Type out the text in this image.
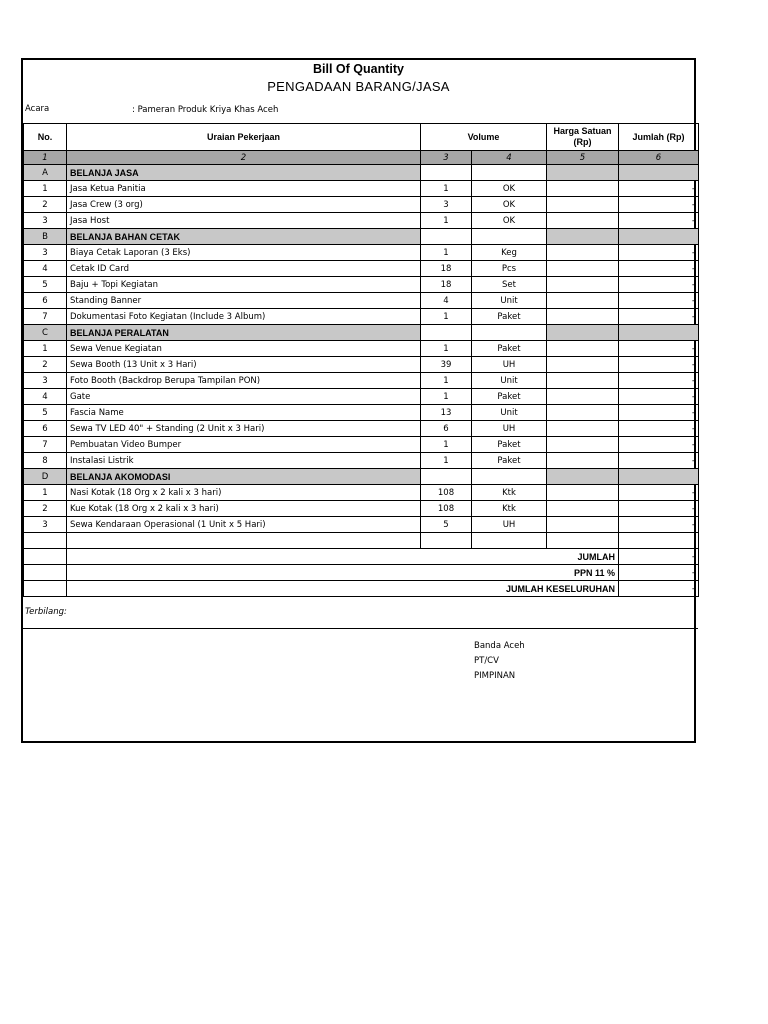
Bill Of Quantity
PENGADAAN BARANG/JASA
Acara	: Pameran Produk Kriya Khas Aceh
No.	Uraian Pekerjaan	Volume		Harga Satuan (Rp)	Jumlah (Rp)
1	2	3	4	5	6
A	BELANJA JASA				
1	Jasa Ketua Panitia	1	OK		-
2	Jasa Crew (3 org)	3	OK		-
3	Jasa Host	1	OK		-
B	BELANJA BAHAN CETAK				
3	Biaya Cetak Laporan (3 Eks)	1	Keg		-
4	Cetak ID Card	18	Pcs		-
5	Baju + Topi Kegiatan	18	Set		-
6	Standing Banner	4	Unit		-
7	Dokumentasi Foto Kegiatan (Include 3 Album)	1	Paket		-
C	BELANJA PERALATAN				
1	Sewa Venue Kegiatan	1	Paket		-
2	Sewa Booth (13 Unit x 3 Hari)	39	UH		-
3	Foto Booth (Backdrop Berupa Tampilan PON)	1	Unit		-
4	Gate	1	Paket		-
5	Fascia Name	13	Unit		-
6	Sewa TV LED 40" + Standing (2 Unit x 3 Hari)	6	UH		-
7	Pembuatan Video Bumper	1	Paket		-
8	Instalasi Listrik	1	Paket		-
D	BELANJA AKOMODASI				
1	Nasi Kotak (18 Org x 2 kali x 3 hari)	108	Ktk		-
2	Kue Kotak (18 Org x 2 kali x 3 hari)	108	Ktk		-
3	Sewa Kendaraan Operasional (1 Unit x 5 Hari)	5	UH		-

	JUMLAH				-
	PPN 11 %				-
	JUMLAH KESELURUHAN				-
Terbilang:
Banda Aceh
PT/CV
PIMPINAN
